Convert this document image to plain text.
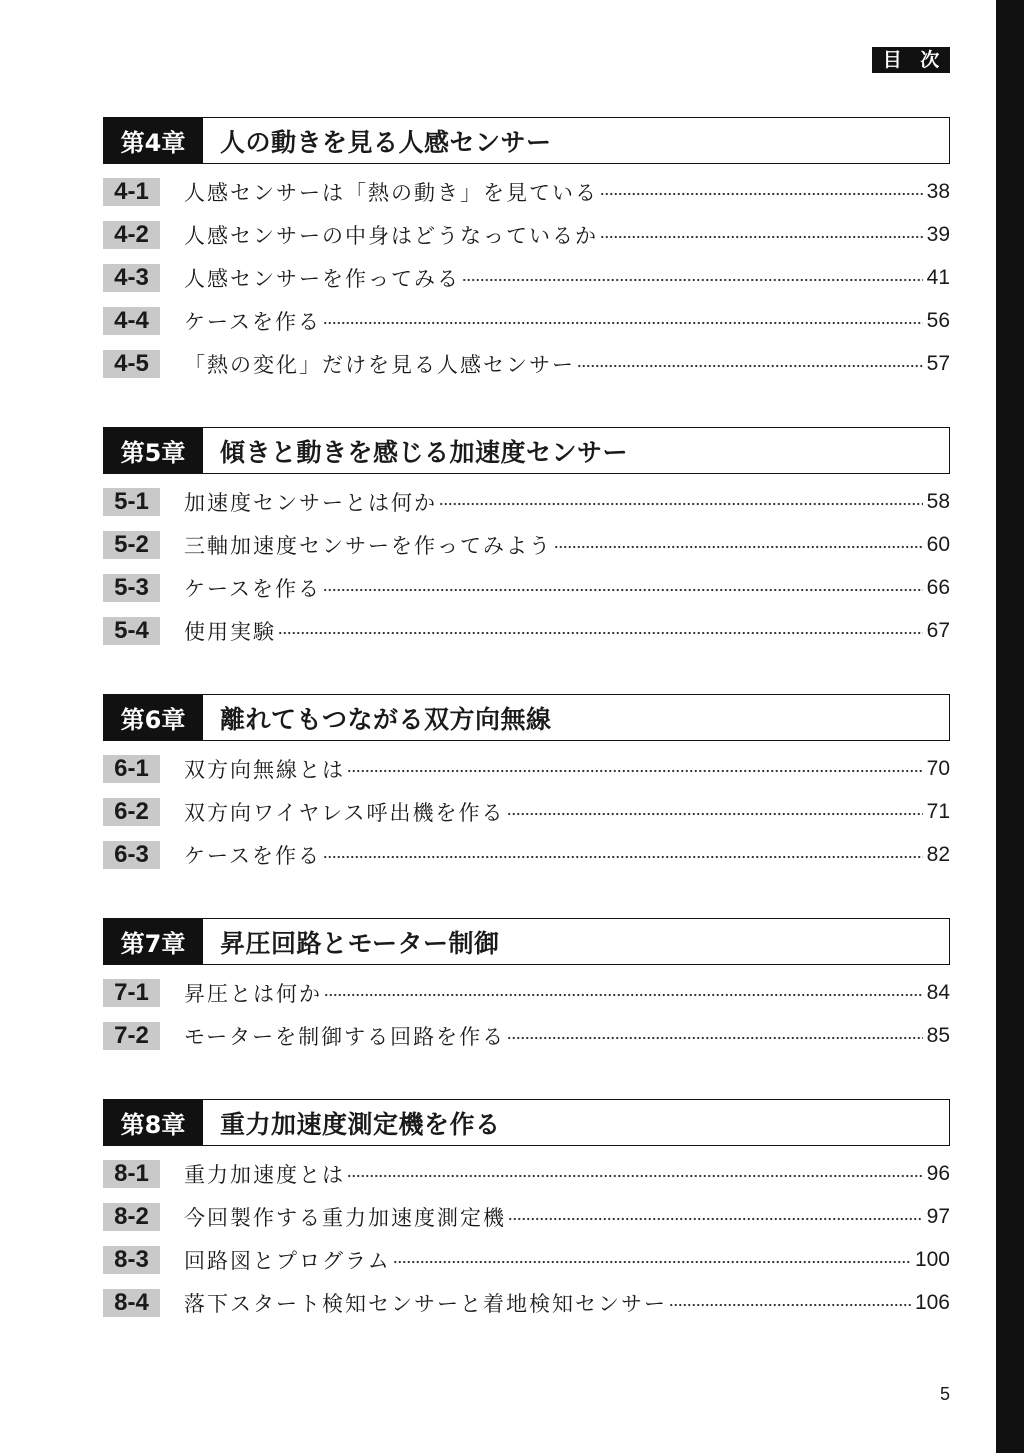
目 次
第4章	人の動きを見る人感センサー
4-1	人感センサーは「熱の動き」を見ている	38
4-2	人感センサーの中身はどうなっているか	39
4-3	人感センサーを作ってみる	41
4-4	ケースを作る	56
4-5	「熱の変化」だけを見る人感センサー	57
第5章	傾きと動きを感じる加速度センサー
5-1	加速度センサーとは何か	58
5-2	三軸加速度センサーを作ってみよう	60
5-3	ケースを作る	66
5-4	使用実験	67
第6章	離れてもつながる双方向無線
6-1	双方向無線とは	70
6-2	双方向ワイヤレス呼出機を作る	71
6-3	ケースを作る	82
第7章	昇圧回路とモーター制御
7-1	昇圧とは何か	84
7-2	モーターを制御する回路を作る	85
第8章	重力加速度測定機を作る
8-1	重力加速度とは	96
8-2	今回製作する重力加速度測定機	97
8-3	回路図とプログラム	100
8-4	落下スタート検知センサーと着地検知センサー	106
5
